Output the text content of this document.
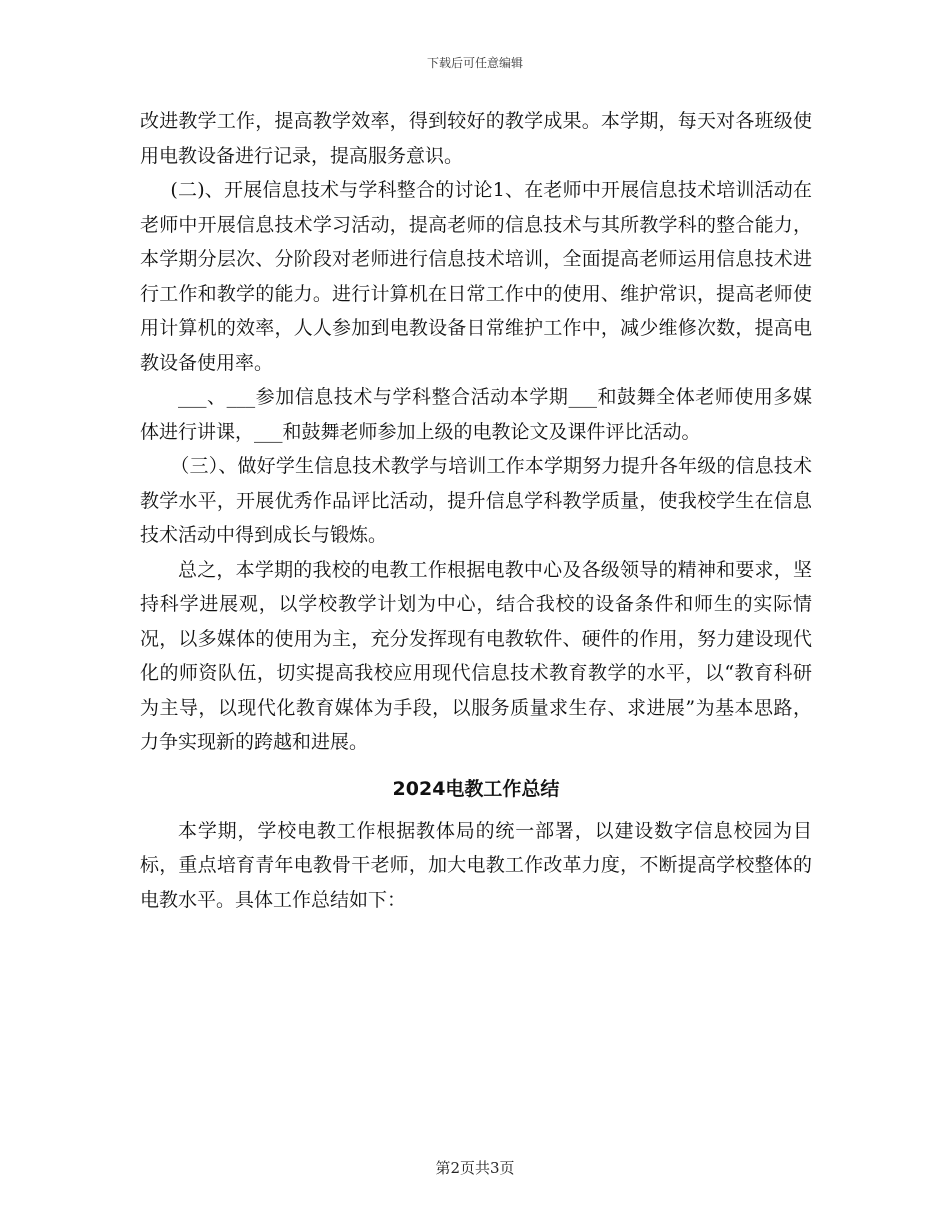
下载后可任意编辑

改进教学工作，提高教学效率，得到较好的教学成果。本学期，每天对各班级使用电教设备进行记录，提高服务意识。

(二)、开展信息技术与学科整合的讨论1、在老师中开展信息技术培训活动在老师中开展信息技术学习活动，提高老师的信息技术与其所教学科的整合能力，本学期分层次、分阶段对老师进行信息技术培训，全面提高老师运用信息技术进行工作和教学的能力。进行计算机在日常工作中的使用、维护常识，提高老师使用计算机的效率，人人参加到电教设备日常维护工作中，减少维修次数，提高电教设备使用率。

___、___参加信息技术与学科整合活动本学期___和鼓舞全体老师使用多媒体进行讲课，___和鼓舞老师参加上级的电教论文及课件评比活动。

（三）、做好学生信息技术教学与培训工作本学期努力提升各年级的信息技术教学水平，开展优秀作品评比活动，提升信息学科教学质量，使我校学生在信息技术活动中得到成长与锻炼。

总之，本学期的我校的电教工作根据电教中心及各级领导的精神和要求，坚持科学进展观，以学校教学计划为中心，结合我校的设备条件和师生的实际情况，以多媒体的使用为主，充分发挥现有电教软件、硬件的作用，努力建设现代化的师资队伍，切实提高我校应用现代信息技术教育教学的水平，以“教育科研为主导，以现代化教育媒体为手段，以服务质量求生存、求进展”为基本思路，力争实现新的跨越和进展。

2024电教工作总结

本学期，学校电教工作根据教体局的统一部署，以建设数字信息校园为目标，重点培育青年电教骨干老师，加大电教工作改革力度，不断提高学校整体的电教水平。具体工作总结如下：

第2页共3页
